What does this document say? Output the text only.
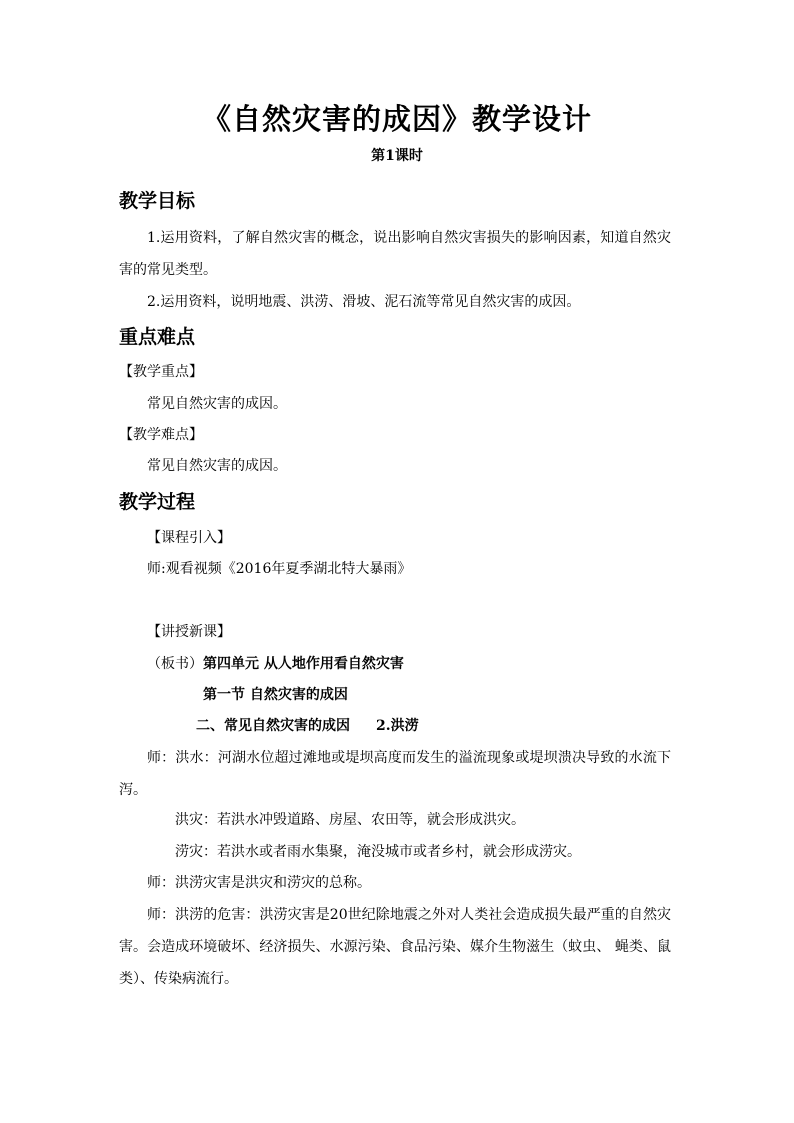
《自然灾害的成因》教学设计
第1课时
教学目标

1.运用资料，了解自然灾害的概念，说出影响自然灾害损失的影响因素，知道自然灾害的常见类型。

2.运用资料，说明地震、洪涝、滑坡、泥石流等常见自然灾害的成因。

重点难点
【教学重点】
常见自然灾害的成因。
【教学难点】
常见自然灾害的成因。
教学过程
【课程引入】
师:观看视频《2016年夏季湖北特大暴雨》
【讲授新课】
（板书）第四单元 从人地作用看自然灾害
第一节 自然灾害的成因
二、常见自然灾害的成因 2.洪涝

师：洪水：河湖水位超过滩地或堤坝高度而发生的溢流现象或堤坝溃决导致的水流下泻。

洪灾：若洪水冲毁道路、房屋、农田等，就会形成洪灾。
涝灾：若洪水或者雨水集聚，淹没城市或者乡村，就会形成涝灾。
师：洪涝灾害是洪灾和涝灾的总称。

师：洪涝的危害：洪涝灾害是20世纪除地震之外对人类社会造成损失最严重的自然灾害。会造成环境破坏、经济损失、水源污染、食品污染、媒介生物滋生（蚊虫、 蝇类、鼠类）、传染病流行。
